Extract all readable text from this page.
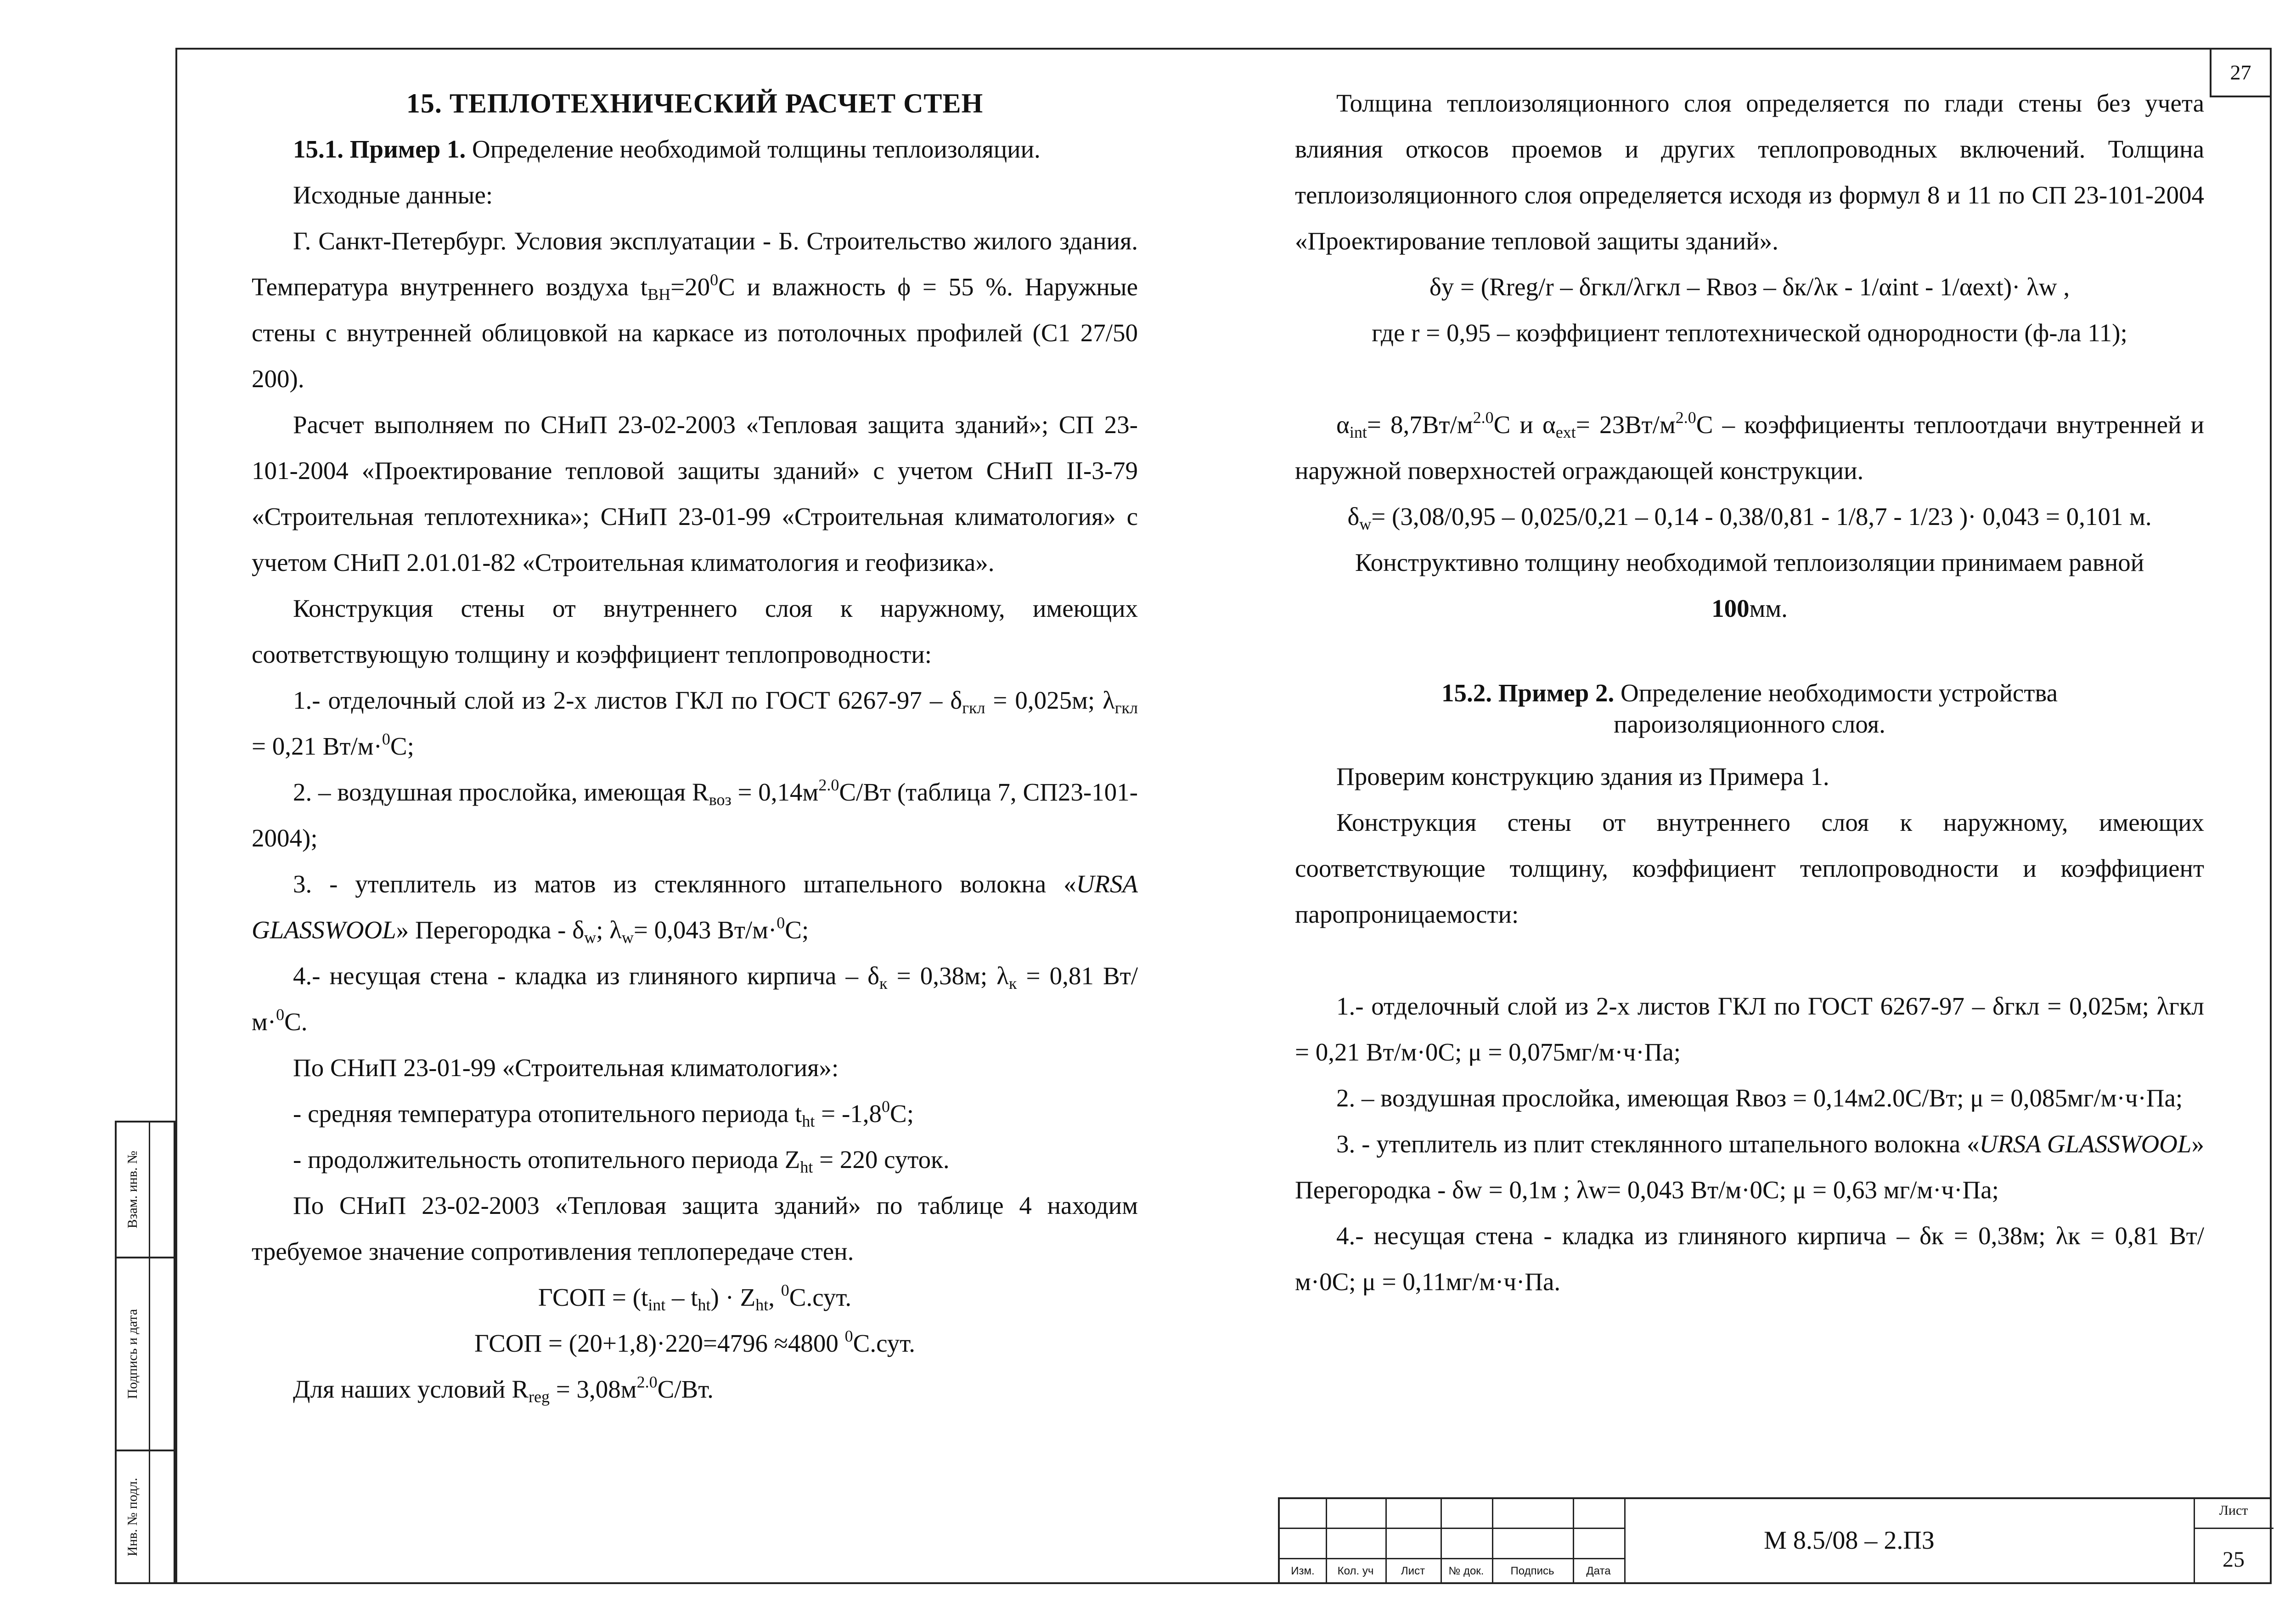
27
Взам. инв. №
Подпись и дата
Инв. № подл.

15. ТЕПЛОТЕХНИЧЕСКИЙ РАСЧЕТ СТЕН

15.1. Пример 1. Определение необходимой толщины теплоизоляции.

Исходные данные:

Г. Санкт-Петербург. Условия эксплуатации - Б. Строительство жилого здания. Температура внутреннего воздуха $t_{ВН}=20^0С$ и влажность ϕ = 55 %. Наружные стены с внутренней облицовкой на каркасе из потолочных профилей (С1 27/50 200).

Расчет выполняем по СНиП 23-02-2003 «Тепловая защита зданий»; СП 23-101-2004 «Проектирование тепловой защиты зданий» с учетом СНиП II-3-79 «Строительная теплотехника»; СНиП 23-01-99 «Строительная климатология» с учетом СНиП 2.01.01-82 «Строительная климатология и геофизика».

Конструкция стены от внутреннего слоя к наружному, имеющих соответствующую толщину и коэффициент теплопроводности:

1.- отделочный слой из 2-х листов ГКЛ по ГОСТ $6267-97 - \delta_{гкл} = 0,025м$; $\lambda_{гкл} = 0,21$ Вт/м·$^0$С;

2. – воздушная прослойка, имеющая $R_{воз} = 0,14м^{2.0}С/Вт$ (таблица 7, СП23-101-2004);

3. - утеплитель из матов из стеклянного штапельного волокна «URSA GLASSWOOL» Перегородка - $\delta_w$; $\lambda_w= 0,043$ Вт/м·$^0$С;

4.- несущая стена - кладка из глиняного кирпича – $\delta_к = 0,38м$; $\lambda_к = 0,81$ Вт/м·$^0$С.

По СНиП 23-01-99 «Строительная климатология»:

- средняя температура отопительного периода $t_{ht} = -1,8^0С$;

- продолжительность отопительного периода $Z_{ht} = 220$ суток.

По СНиП 23-02-2003 «Тепловая защита зданий» по таблице 4 находим требуемое значение сопротивления теплопередаче стен.

ГСОП = $(t_{int} - t_{ht}) \cdot Z_{ht}$, $^0$С.сут.

ГСОП = (20+1,8)·220=4796 ≈4800 $^0$С.сут.

Для наших условий $R_{reg} = 3,08м^{2.0}С/Вт$.

Толщина теплоизоляционного слоя определяется по глади стены без учета влияния откосов проемов и других теплопроводных включений. Толщина теплоизоляционного слоя определяется исходя из формул 8 и 11 по СП 23-101-2004 «Проектирование тепловой защиты зданий».

δу = (Rreg/r – δгкл/λгкл – Rвоз – δк/λк - 1/αint - 1/αext)· λw ,

где r = 0,95 – коэффициент теплотехнической однородности (ф-ла 11);

$\alpha_{int}= 8,7Вт/м^{2.0}С$ и $\alpha_{ext}= 23Вт/м^{2.0}С$ – коэффициенты теплоотдачи внутренней и наружной поверхностей ограждающей конструкции.

$\delta_w= (3,08/0,95 - 0,025/0,21 - 0,14 - 0,38/0,81 - 1/8,7 - 1/23$ )· 0,043 = 0,101 м.

Конструктивно толщину необходимой теплоизоляции принимаем равной

100мм.

15.2. Пример 2. Определение необходимости устройства пароизоляционного слоя.

Проверим конструкцию здания из Примера 1.

Конструкция стены от внутреннего слоя к наружному, имеющих соответствующие толщину, коэффициент теплопроводности и коэффициент паропроницаемости:

1.- отделочный слой из 2-х листов ГКЛ по ГОСТ 6267-97 – δгкл = 0,025м; λгкл = 0,21 Вт/м·0С; μ = 0,075мг/м·ч·Па;

2. – воздушная прослойка, имеющая Rвоз = 0,14м2.0С/Вт; μ = 0,085мг/м·ч·Па;

3. - утеплитель из плит стеклянного штапельного волокна «URSA GLASSWOOL» Перегородка - δw = 0,1м ; λw= 0,043 Вт/м·0С; μ = 0,63 мг/м·ч·Па;

4.- несущая стена - кладка из глиняного кирпича – δк = 0,38м; λк = 0,81 Вт/м·0С; μ = 0,11мг/м·ч·Па.

Изм.	Кол. уч	Лист	№ док.	Подпись	Дата
М 8.5/08 – 2.ПЗ
Лист
25
